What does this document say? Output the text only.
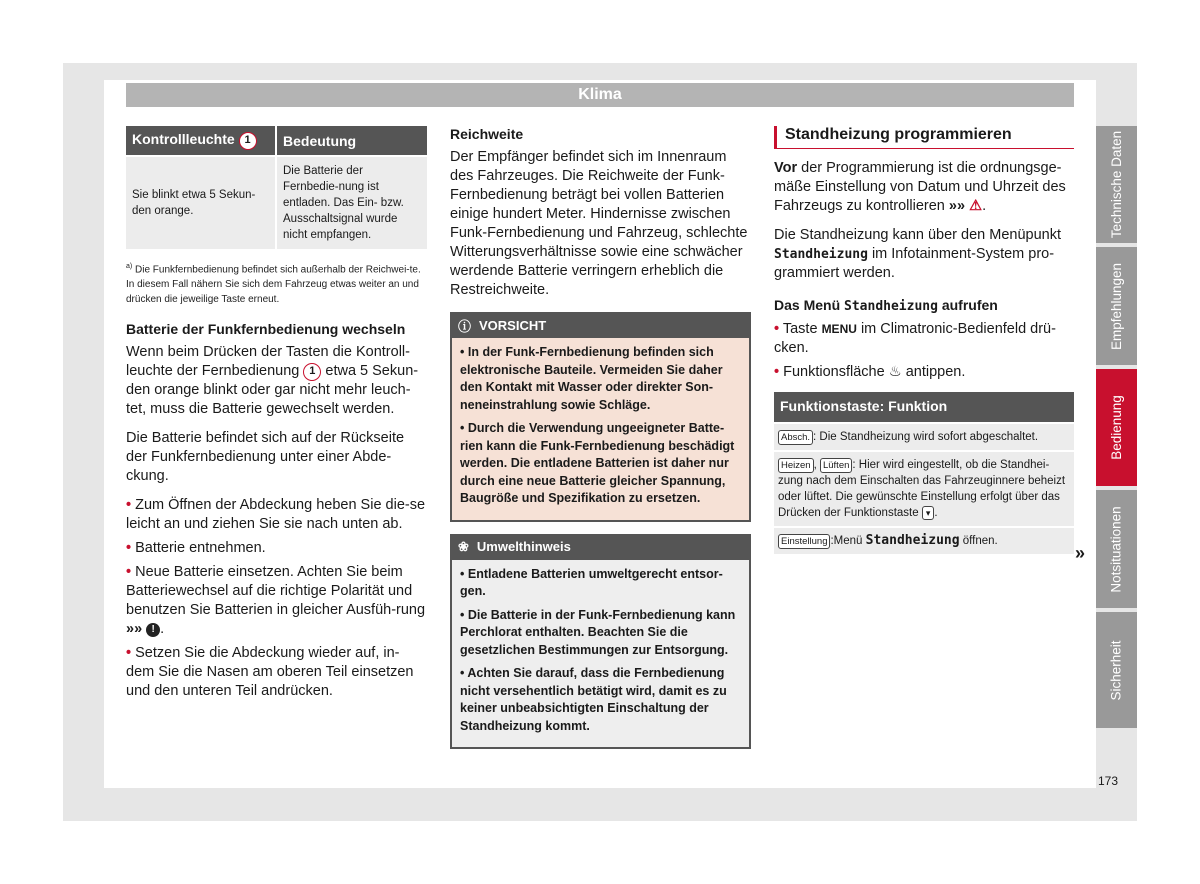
Klima
Kontrollleuchte 1	Bedeutung
Sie blinkt etwa 5 Sekun-den orange.	Die Batterie der Fernbedie-nung ist entladen. Das Ein- bzw. Ausschaltsignal wurde nicht empfangen.
$^{a)}$ Die Funkfernbedienung befindet sich außerhalb der Reichwei-te. In diesem Fall nähern Sie sich dem Fahrzeug etwas weiter an und drücken die jeweilige Taste erneut.
Batterie der Funkfernbedienung wechseln

Wenn beim Drücken der Tasten die Kontroll-leuchte der Fernbedienung 1 etwa 5 Sekun-den orange blinkt oder gar nicht mehr leuch-tet, muss die Batterie gewechselt werden.

Die Batterie befindet sich auf der Rückseite der Funkfernbedienung unter einer Abde-ckung.

• Zum Öffnen der Abdeckung heben Sie die-se leicht an und ziehen Sie sie nach unten ab.
• Batterie entnehmen.
• Neue Batterie einsetzen. Achten Sie beim Batteriewechsel auf die richtige Polarität und benutzen Sie Batterien in gleicher Ausfüh-rung »» ! .
• Setzen Sie die Abdeckung wieder auf, in-dem Sie die Nasen am oberen Teil einsetzen und den unteren Teil andrücken.
Reichweite

Der Empfänger befindet sich im Innenraum des Fahrzeuges. Die Reichweite der Funk-Fernbedienung beträgt bei vollen Batterien einige hundert Meter. Hindernisse zwischen Funk-Fernbedienung und Fahrzeug, schlechte Witterungsverhältnisse sowie eine schwächer werdende Batterie verringern erheblich die Restreichweite.

ⓘ VORSICHT
• In der Funk-Fernbedienung befinden sich elektronische Bauteile. Vermeiden Sie daher den Kontakt mit Wasser oder direkter Son-neneinstrahlung sowie Schläge.
• Durch die Verwendung ungeeigneter Batte-rien kann die Funk-Fernbedienung beschädigt werden. Die entladene Batterien ist daher nur durch eine neue Batterie gleicher Spannung, Baugröße und Spezifikation zu ersetzen.
❀ Umwelthinweis
• Entladene Batterien umweltgerecht entsor-gen.
• Die Batterie in der Funk-Fernbedienung kann Perchlorat enthalten. Beachten Sie die gesetzlichen Bestimmungen zur Entsorgung.
• Achten Sie darauf, dass die Fernbedienung nicht versehentlich betätigt wird, damit es zu keiner unbeabsichtigten Einschaltung der Standheizung kommt.
Standheizung programmieren

Vor der Programmierung ist die ordnungsge-mäße Einstellung von Datum und Uhrzeit des Fahrzeugs zu kontrollieren »» ⚠.

Die Standheizung kann über den Menüpunkt Standheizung im Infotainment-System pro-grammiert werden.

Das Menü Standheizung aufrufen
• Taste MENU im Climatronic-Bedienfeld drü-cken.
• Funktionsfläche ♨ antippen.
Funktionstaste: Funktion
Absch. : Die Standheizung wird sofort abgeschaltet.
Heizen , Lüften : Hier wird eingestellt, ob die Standhei-zung nach dem Einschalten das Fahrzeuginnere beheizt oder lüftet. Die gewünschte Einstellung erfolgt über das Drücken der Funktionstaste ▾ .
Einstellung :Menü Standheizung öffnen.
»
Technische Daten
Empfehlungen
Bedienung
Notsituationen
Sicherheit
173
